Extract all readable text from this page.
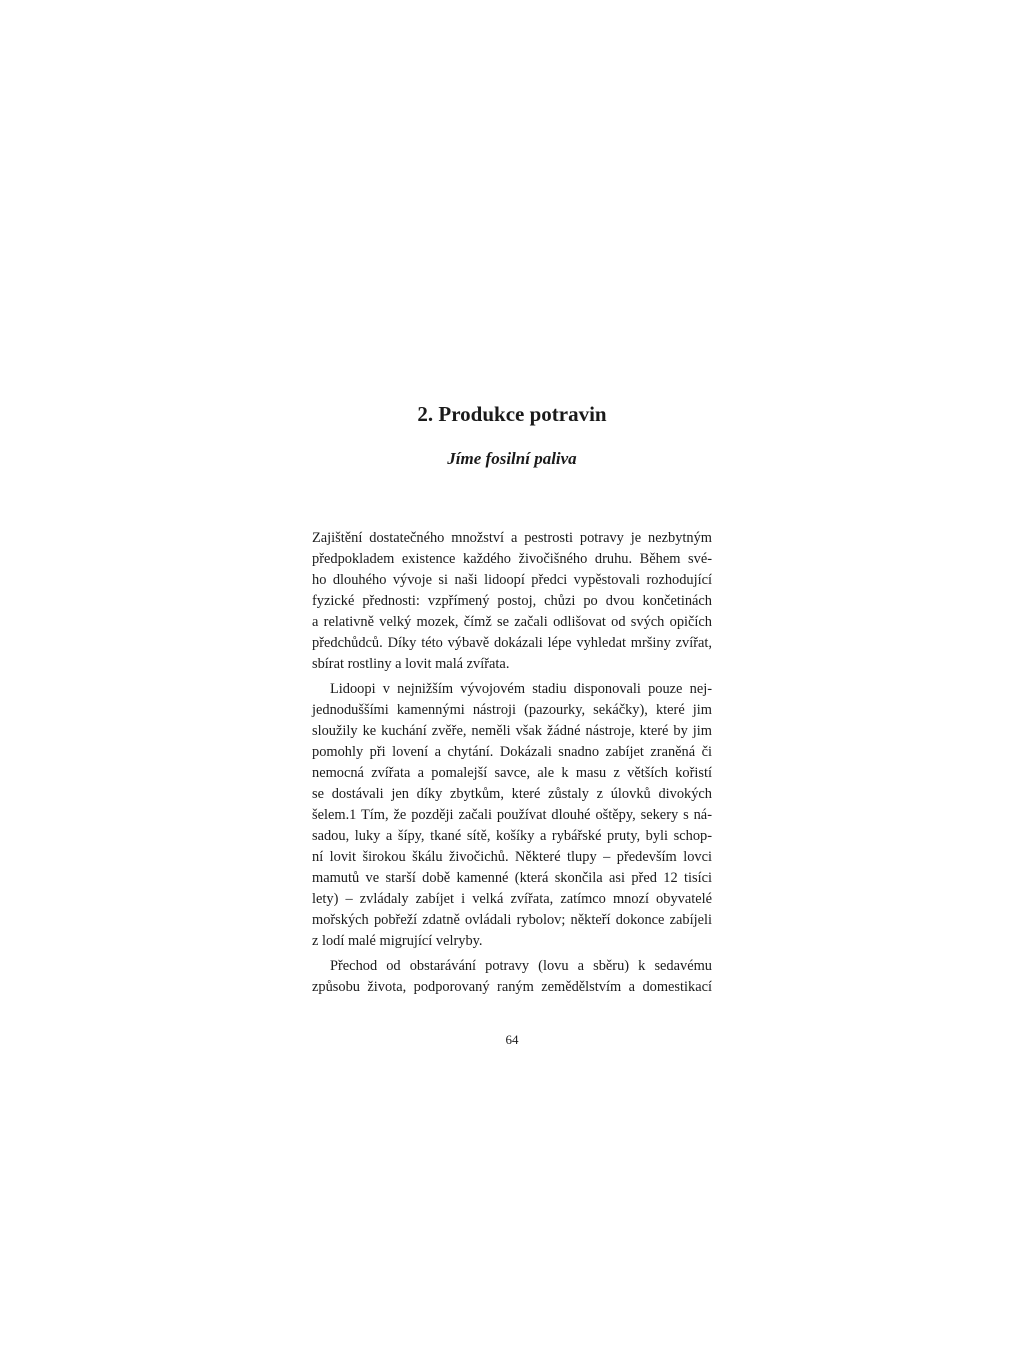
2. Produkce potravin
Jíme fosilní paliva
Zajištění dostatečného množství a pestrosti potravy je nezbytným
předpokladem existence každého živočišného druhu. Během své-
ho dlouhého vývoje si naši lidoopí předci vypěstovali rozhodující
fyzické přednosti: vzpřímený postoj, chůzi po dvou končetinách
a relativně velký mozek, čímž se začali odlišovat od svých opičích
předchůdců. Díky této výbavě dokázali lépe vyhledat mršiny zvířat,
sbírat rostliny a lovit malá zvířata.
Lidoopi v nejnižším vývojovém stadiu disponovali pouze nej-
jednoduššími kamennými nástroji (pazourky, sekáčky), které jim
sloužily ke kuchání zvěře, neměli však žádné nástroje, které by jim
pomohly při lovení a chytání. Dokázali snadno zabíjet zraněná či
nemocná zvířata a pomalejší savce, ale k masu z větších kořistí
se dostávali jen díky zbytkům, které zůstaly z úlovků divokých
šelem.1 Tím, že později začali používat dlouhé oštěpy, sekery s ná-
sadou, luky a šípy, tkané sítě, košíky a rybářské pruty, byli schop-
ní lovit širokou škálu živočichů. Některé tlupy – především lovci
mamutů ve starší době kamenné (která skončila asi před 12 tisíci
lety) – zvládaly zabíjet i velká zvířata, zatímco mnozí obyvatelé
mořských pobřeží zdatně ovládali rybolov; někteří dokonce zabíjeli
z lodí malé migrující velryby.
Přechod od obstarávání potravy (lovu a sběru) k sedavému
způsobu života, podporovaný raným zemědělstvím a domestikací
64
